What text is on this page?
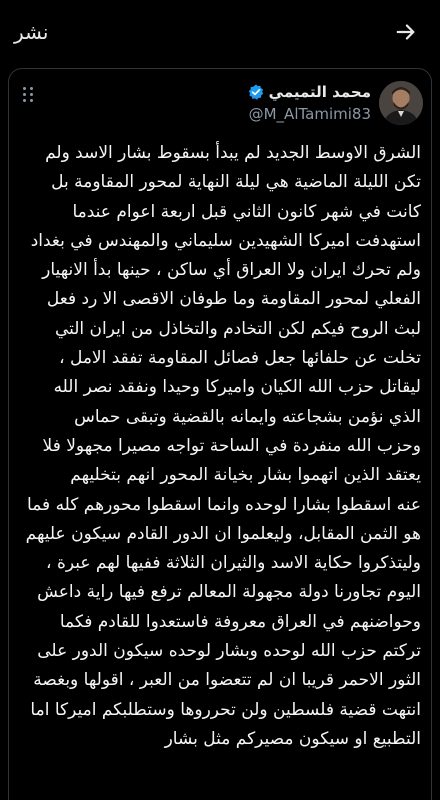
نشر
محمد التميمي
@M_AlTamimi83
الشرق الاوسط الجديد لم يبدأ بسقوط بشار الاسد ولم
تكن الليلة الماضية هي ليلة النهاية لمحور المقاومة بل
كانت في شهر كانون الثاني قبل اربعة اعوام عندما
استهدفت اميركا الشهيدين سليماني والمهندس في بغداد
ولم تحرك ايران ولا العراق أي ساكن ، حينها بدأ الانهيار
الفعلي لمحور المقاومة وما طوفان الاقصى الا رد فعل
لبث الروح فيكم لكن التخادم والتخاذل من ايران التي
تخلت عن حلفائها جعل فصائل المقاومة تفقد الامل ،
ليقاتل حزب الله الكيان واميركا وحيدا ونفقد نصر الله
الذي نؤمن بشجاعته وايمانه بالقضية وتبقى حماس
وحزب الله منفردة في الساحة تواجه مصيرا مجهولا فلا
يعتقد الذين اتهموا بشار بخيانة المحور انهم بتخليهم
عنه اسقطوا بشارا لوحده وانما اسقطوا محورهم كله فما
هو الثمن المقابل، وليعلموا ان الدور القادم سيكون عليهم
وليتذكروا حكاية الاسد والثيران الثلاثة ففيها لهم عبرة ،
اليوم تجاورنا دولة مجهولة المعالم ترفع فيها راية داعش
وحواضنهم في العراق معروفة فاستعدوا للقادم فكما
تركتم حزب الله لوحده وبشار لوحده سيكون الدور على
الثور الاحمر قريبا ان لم تتعضوا من العبر ، اقولها وبغصة
انتهت قضية فلسطين ولن تحرروها وستطلبكم اميركا اما
التطبيع او سيكون مصيركم مثل بشار
